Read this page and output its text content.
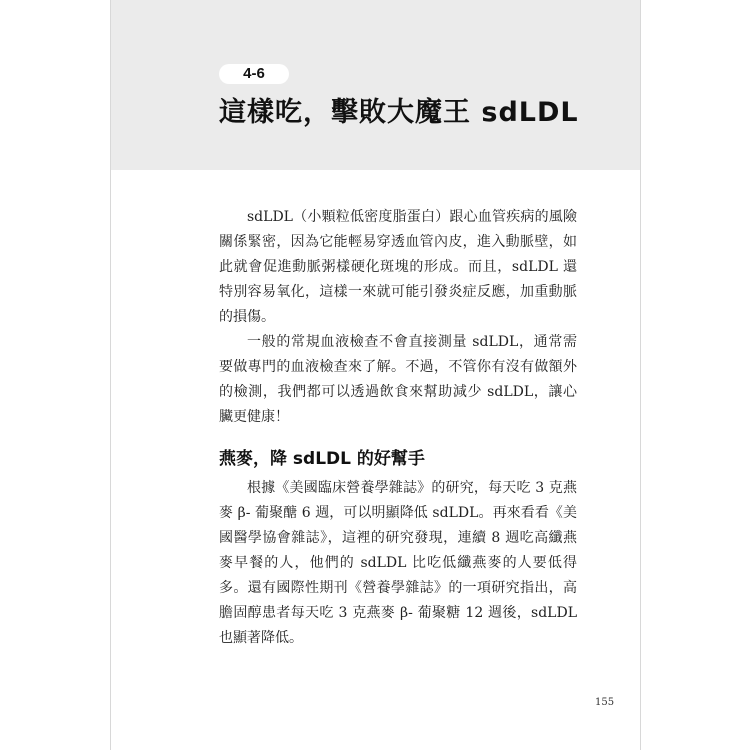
4-6
這樣吃，擊敗大魔王 sdLDL

sdLDL（小顆粒低密度脂蛋白）跟心血管疾病的風險關係緊密，因為它能輕易穿透血管內皮，進入動脈壁，如此就會促進動脈粥樣硬化斑塊的形成。而且，sdLDL 還特別容易氧化，這樣一來就可能引發炎症反應，加重動脈的損傷。

一般的常規血液檢查不會直接測量 sdLDL，通常需要做專門的血液檢查來了解。不過，不管你有沒有做額外的檢測，我們都可以透過飲食來幫助減少 sdLDL，讓心臟更健康！

燕麥，降 sdLDL 的好幫手

根據《美國臨床營養學雜誌》的研究，每天吃 3 克燕麥 β- 葡聚醣 6 週，可以明顯降低 sdLDL。再來看看《美國醫學協會雜誌》，這裡的研究發現，連續 8 週吃高纖燕麥早餐的人，他們的 sdLDL 比吃低纖燕麥的人要低得多。還有國際性期刊《營養學雜誌》的一項研究指出，高膽固醇患者每天吃 3 克燕麥 β- 葡聚糖 12 週後，sdLDL 也顯著降低。

155
